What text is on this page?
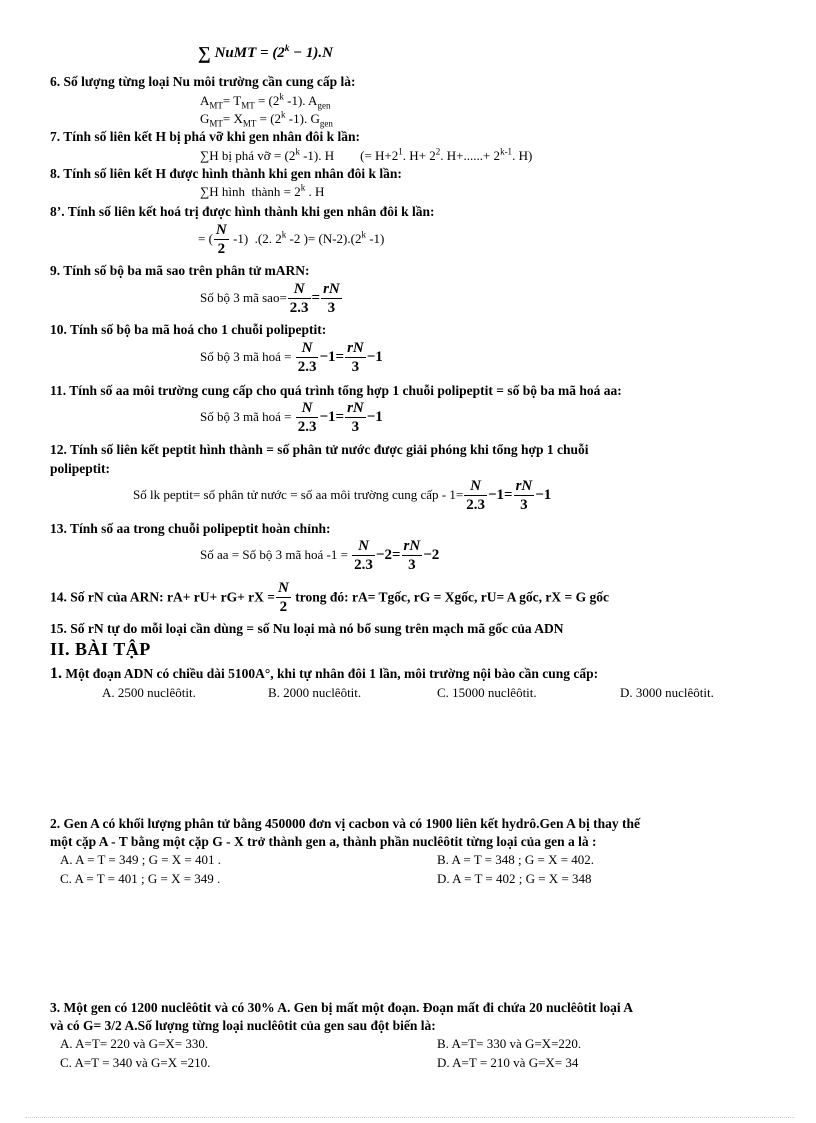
∑ NuMT = $(2^k - 1).N$
6. Số lượng từng loại Nu môi trường cần cung cấp là:
$A_{MT}= T_{MT} = (2^k$ -1). $A_{gen}$
$G_{MT}= X_{MT} = (2^k$ -1). $G_{gen}$
7. Tính số liên kết H bị phá vỡ khi gen nhân đôi k lần:
∑H bị phá vỡ = ($2^k$ -1). H        (= $H+2^1$. $H+ 2^2$. $H+......+ 2^{k-1}$. H)
8. Tính số liên kết H được hình thành khi gen nhân đôi k lần:
∑H hình  thành = $2^k$ . H
8’. Tính số liên kết hoá trị được hình thành khi gen nhân đôi k lần:
= ( $\frac{N}{2} -1$)  .(2. 2$^k$ -2 )= $(N-2).(2^k$ -1)
9. Tính số bộ ba mã sao trên phân tử mARN:
Số bộ 3 mã $sao= \frac{N}{2.3} = \frac{rN}{3}$
10. Tính số bộ ba mã hoá cho 1 chuỗi polipeptit:
Số bộ 3 mã hoá = $\frac{N}{2.3} -1= \frac{rN}{3} -1$
11. Tính số aa môi trường cung cấp cho quá trình tổng hợp 1 chuỗi polipeptit = số bộ ba mã hoá aa:
Số bộ 3 mã hoá = $\frac{N}{2.3} -1= \frac{rN}{3} -1$
12. Tính số liên kết peptit hình thành = số phân tử nước được giải phóng khi tổng hợp 1 chuỗi
polipeptit:
Số lk peptit= số phân tử nước = số aa môi trường cung cấp - $1= \frac{N}{2.3} -1= \frac{rN}{3} -1$
13. Tính số aa trong chuỗi polipeptit hoàn chỉnh:
Số aa = Số bộ 3 mã hoá $-1 = \frac{N}{2.3} -2= \frac{rN}{3} -2$
14. Số rN của ARN: rA+ rU+ rG+ rX = $\frac{N}{2}$ trong đó: rA= Tgốc, rG = Xgốc, rU= A gốc, rX = G gốc
15. Số rN tự do mỗi loại cần dùng = số Nu loại mà nó bổ sung trên mạch mã gốc của ADN
II. BÀI TẬP
1. Một đoạn ADN có chiều dài 5100A°, khi tự nhân đôi 1 lần, môi trường nội bào cần cung cấp:
A. 2500 nuclêôtit.	B. 2000 nuclêôtit.	C. 15000 nuclêôtit.	D. 3000 nuclêôtit.
2. Gen A có khối lượng phân tử bằng 450000 đơn vị cacbon và có 1900 liên kết hydrô.Gen A bị thay thế
một cặp A - T bằng một cặp G - X trở thành gen a, thành phần nuclêôtit từng loại của gen a là :
A. A = T = 349 ; G = X = 401 .	B. A = T = 348 ; G = X = 402.
C. A = T = 401 ; G = X = 349 .	D. A = T = 402 ; G = X = 348
3. Một gen có 1200 nuclêôtit và có 30% A. Gen bị mất một đoạn. Đoạn mất đi chứa 20 nuclêôtit loại A
và có G= 3/2 A.Số lượng từng loại nuclêôtit của gen sau đột biến là:
A. A=T= 220 và G=X= 330.	B. A=T= 330 và G=X=220.
C. A=T = 340 và G=X =210.	D. A=T = 210 và G=X= 34
